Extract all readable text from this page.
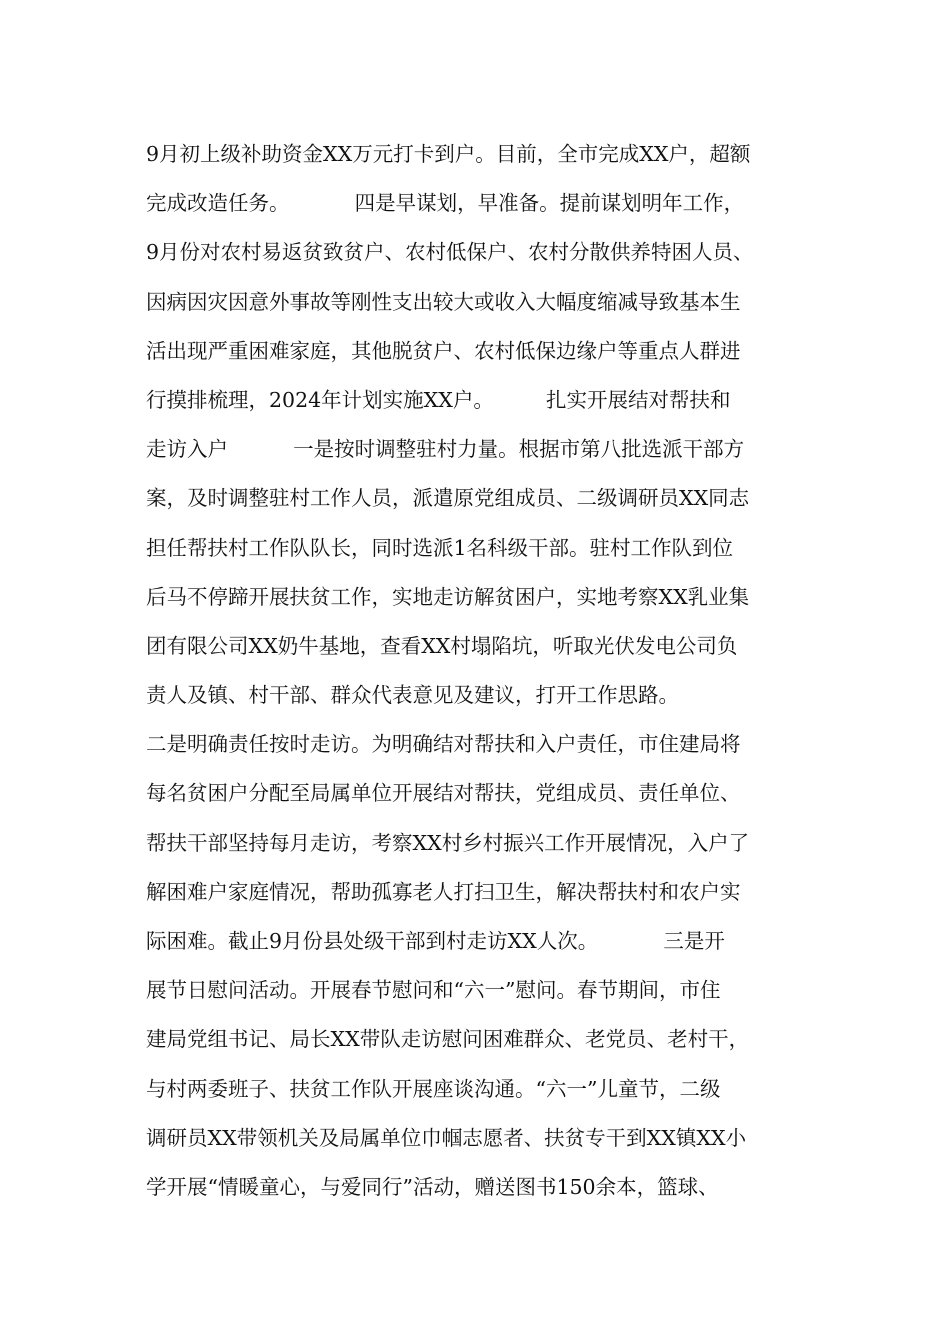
9月初上级补助资金XX万元打卡到户。目前，全市完成XX户，超额
完成改造任务。          四是早谋划，早准备。提前谋划明年工作，
9月份对农村易返贫致贫户、农村低保户、农村分散供养特困人员、
因病因灾因意外事故等刚性支出较大或收入大幅度缩减导致基本生
活出现严重困难家庭，其他脱贫户、农村低保边缘户等重点人群进
行摸排梳理，2024年计划实施XX户。        扎实开展结对帮扶和
走访入户          一是按时调整驻村力量。根据市第八批选派干部方
案，及时调整驻村工作人员，派遣原党组成员、二级调研员XX同志
担任帮扶村工作队队长，同时选派1名科级干部。驻村工作队到位
后马不停蹄开展扶贫工作，实地走访解贫困户，实地考察XX乳业集
团有限公司XX奶牛基地，查看XX村塌陷坑，听取光伏发电公司负
责人及镇、村干部、群众代表意见及建议，打开工作思路。
二是明确责任按时走访。为明确结对帮扶和入户责任，市住建局将
每名贫困户分配至局属单位开展结对帮扶，党组成员、责任单位、
帮扶干部坚持每月走访，考察XX村乡村振兴工作开展情况，入户了
解困难户家庭情况，帮助孤寡老人打扫卫生，解决帮扶村和农户实
际困难。截止9月份县处级干部到村走访XX人次。          三是开
展节日慰问活动。开展春节慰问和“六一”慰问。春节期间，市住
建局党组书记、局长XX带队走访慰问困难群众、老党员、老村干，
与村两委班子、扶贫工作队开展座谈沟通。“六一”儿童节，二级
调研员XX带领机关及局属单位巾帼志愿者、扶贫专干到XX镇XX小
学开展“情暖童心，与爱同行”活动，赠送图书150余本，篮球、
